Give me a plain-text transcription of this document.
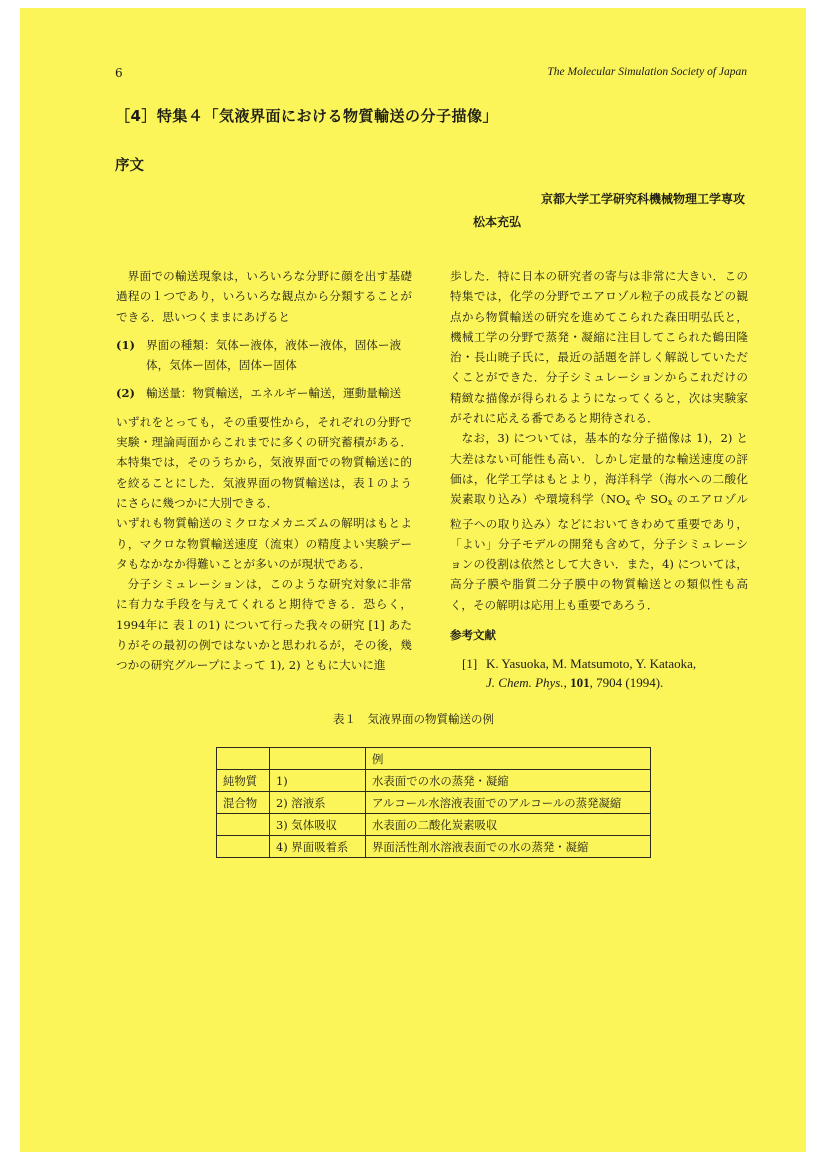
6	The Molecular Simulation Society of Japan
［4］特集４「気液界面における物質輸送の分子描像」
序文
京都大学工学研究科機械物理工学専攻
松本充弘

界面での輸送現象は，いろいろな分野に顔を出す基礎過程の１つであり，いろいろな観点から分類することができる．思いつくままにあげると

(1) 界面の種類：気体ー液体，液体ー液体，固体ー液体，気体ー固体，固体ー固体
(2) 輸送量：物質輸送，エネルギー輸送，運動量輸送

いずれをとっても，その重要性から，それぞれの分野で実験・理論両面からこれまでに多くの研究蓄積がある．本特集では，そのうちから，気液界面での物質輸送に的を絞ることにした．気液界面の物質輸送は，表１のようにさらに幾つかに大別できる．

いずれも物質輸送のミクロなメカニズムの解明はもとより，マクロな物質輸送速度（流束）の精度よい実験データもなかなか得難いことが多いのが現状である．

分子シミュレーションは，このような研究対象に非常に有力な手段を与えてくれると期待できる．恐らく，1994年に 表１の1) について行った我々の研究 [1] あたりがその最初の例ではないかと思われるが，その後，幾つかの研究グループによって 1), 2) ともに大いに進

歩した．特に日本の研究者の寄与は非常に大きい．この特集では，化学の分野でエアロゾル粒子の成長などの観点から物質輸送の研究を進めてこられた森田明弘氏と，機械工学の分野で蒸発・凝縮に注目してこられた鶴田隆治・長山暁子氏に，最近の話題を詳しく解説していただくことができた．分子シミュレーションからこれだけの精緻な描像が得られるようになってくると，次は実験家がそれに応える番であると期待される．

なお，3) については，基本的な分子描像は 1)，2) と大差はない可能性も高い．しかし定量的な輸送速度の評価は，化学工学はもとより，海洋科学（海水への二酸化炭素取り込み）や環境科学（$NO_x$ や $SO_x$ のエアロゾル粒子への取り込み）などにおいてきわめて重要であり，「よい」分子モデルの開発も含めて，分子シミュレーションの役割は依然として大きい．また，4) については，高分子膜や脂質二分子膜中の物質輸送との類似性も高く，その解明は応用上も重要であろう．

参考文献
[1] K. Yasuoka, M. Matsumoto, Y. Kataoka,
J. Chem. Phys., 101, 7904 (1994).
表１　気液界面の物質輸送の例
		例
純物質	1)	水表面での水の蒸発・凝縮
混合物	2) 溶液系	アルコール水溶液表面でのアルコールの蒸発凝縮
	3) 気体吸収	水表面の二酸化炭素吸収
	4) 界面吸着系	界面活性剤水溶液表面での水の蒸発・凝縮
